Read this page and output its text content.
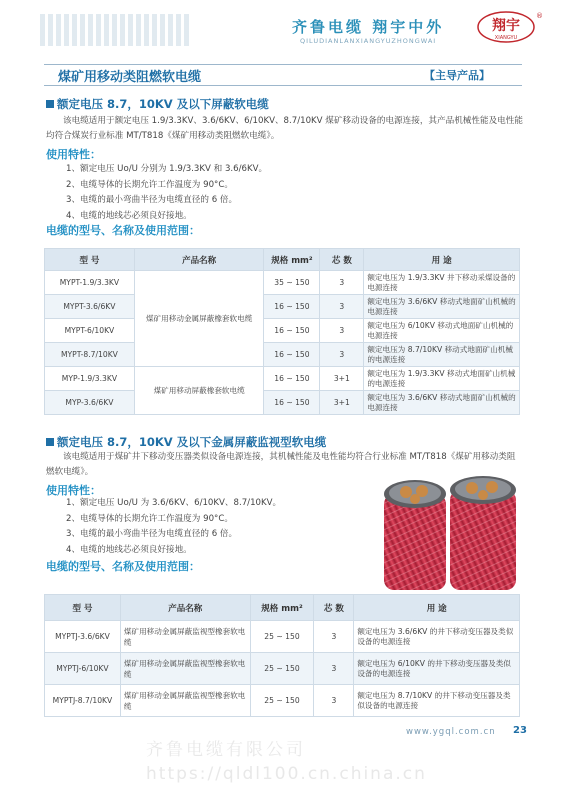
齐鲁电缆 翔宇中外
QILUDIANLANXIANGYUZHONGWAI
翔宇
XIANGYU
®
煤矿用移动类阻燃软电缆	【主导产品】
额定电压 8.7，10KV 及以下屏蔽软电缆
该电缆适用于额定电压 1.9/3.3KV、3.6/6KV、6/10KV、8.7/10KV 煤矿移动设备的电源连接，其产品机械性能及电性能均符合煤炭行业标准 MT/T818《煤矿用移动类阻燃软电缆》。
使用特性：
1、额定电压 Uo/U 分别为 1.9/3.3KV 和 3.6/6KV。
2、电缆导体的长期允许工作温度为 90°C。
3、电缆的最小弯曲半径为电缆直径的 6 倍。
4、电缆的地线芯必须良好接地。
电缆的型号、名称及使用范围：
型 号	产品名称	规格 mm²	芯 数	用 途
MYPT-1.9/3.3KV	煤矿用移动金属屏蔽橡套软电缆	35 ~ 150	3	额定电压为 1.9/3.3KV 井下移动采煤设备的电源连接
MYPT-3.6/6KV		16 ~ 150	3	额定电压为 3.6/6KV 移动式地面矿山机械的电源连接
MYPT-6/10KV		16 ~ 150	3	额定电压为 6/10KV 移动式地面矿山机械的电源连接
MYPT-8.7/10KV		16 ~ 150	3	额定电压为 8.7/10KV 移动式地面矿山机械的电源连接
MYP-1.9/3.3KV	煤矿用移动屏蔽橡套软电缆	16 ~ 150	3+1	额定电压为 1.9/3.3KV 移动式地面矿山机械的电源连接
MYP-3.6/6KV		16 ~ 150	3+1	额定电压为 3.6/6KV 移动式地面矿山机械的电源连接
额定电压 8.7，10KV 及以下金属屏蔽监视型软电缆
该电缆适用于煤矿井下移动变压器类似设备电源连接，其机械性能及电性能均符合行业标准 MT/T818《煤矿用移动类阻燃软电缆》。
使用特性：
1、额定电压 Uo/U 为 3.6/6KV、6/10KV、8.7/10KV。
2、电缆导体的长期允许工作温度为 90°C。
3、电缆的最小弯曲半径为电缆直径的 6 倍。
4、电缆的地线芯必须良好接地。
电缆的型号、名称及使用范围：
型 号	产品名称	规格 mm²	芯 数	用 途
MYPTJ-3.6/6KV	煤矿用移动金属屏蔽监视型橡套软电缆	25 ~ 150	3	额定电压为 3.6/6KV 的井下移动变压器及类似设备的电源连接
MYPTJ-6/10KV	煤矿用移动金属屏蔽监视型橡套软电缆	25 ~ 150	3	额定电压为 6/10KV 的井下移动变压器及类似设备的电源连接
MYPTJ-8.7/10KV	煤矿用移动金属屏蔽监视型橡套软电缆	25 ~ 150	3	额定电压为 8.7/10KV 的井下移动变压器及类似设备的电源连接
www.ygql.com.cn 23
齐鲁电缆有限公司
https://qldl100.cn.china.cn
